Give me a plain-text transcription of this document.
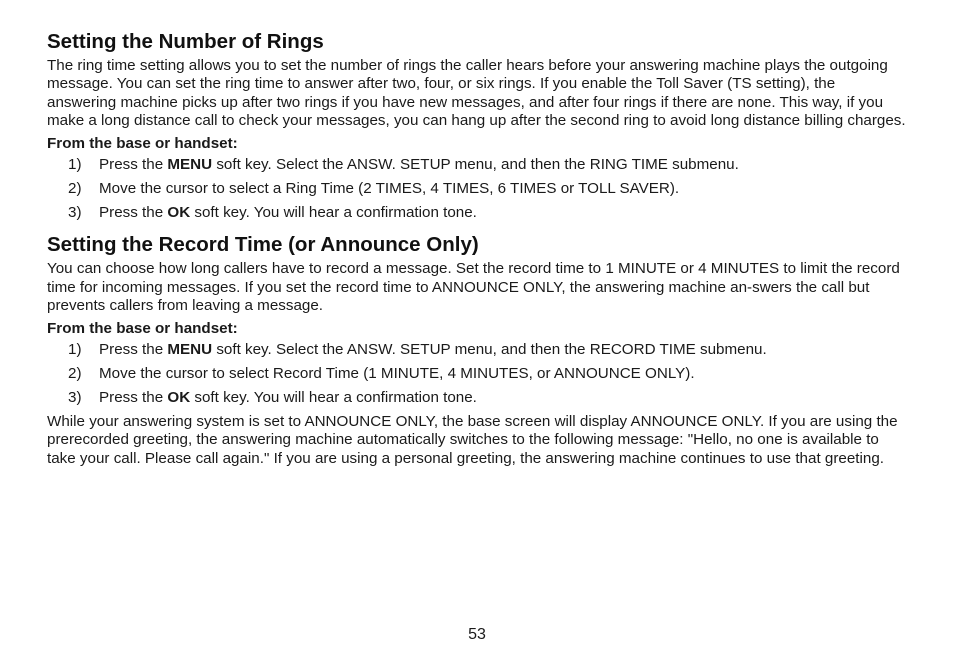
Setting the Number of Rings

The ring time setting allows you to set the number of rings the caller hears before your answering machine plays the outgoing message. You can set the ring time to answer after two, four, or six rings. If you enable the Toll Saver (TS setting), the answering machine picks up after two rings if you have new messages, and after four rings if there are none. This way, if you make a long distance call to check your messages, you can hang up after the second ring to avoid long distance billing charges.

From the base or handset:

1)	Press the MENU soft key. Select the ANSW. SETUP menu, and then the RING TIME submenu.
2)	Move the cursor to select a Ring Time (2 TIMES, 4 TIMES, 6 TIMES or TOLL SAVER).
3)	Press the OK soft key. You will hear a confirmation tone.
Setting the Record Time (or Announce Only)

You can choose how long callers have to record a message. Set the record time to 1 MINUTE or 4 MINUTES to limit the record time for incoming messages. If you set the record time to ANNOUNCE ONLY, the answering machine an-swers the call but prevents callers from leaving a message.

From the base or handset:

1)	Press the MENU soft key. Select the ANSW. SETUP menu, and then the RECORD TIME submenu.
2)	Move the cursor to select Record Time (1 MINUTE, 4 MINUTES, or ANNOUNCE ONLY).
3)	Press the OK soft key. You will hear a confirmation tone.

While your answering system is set to ANNOUNCE ONLY, the base screen will display ANNOUNCE ONLY. If you are using the prerecorded greeting, the answering machine automatically switches to the following message: "Hello, no one is available to take your call. Please call again." If you are using a personal greeting, the answering machine continues to use that greeting.

53
